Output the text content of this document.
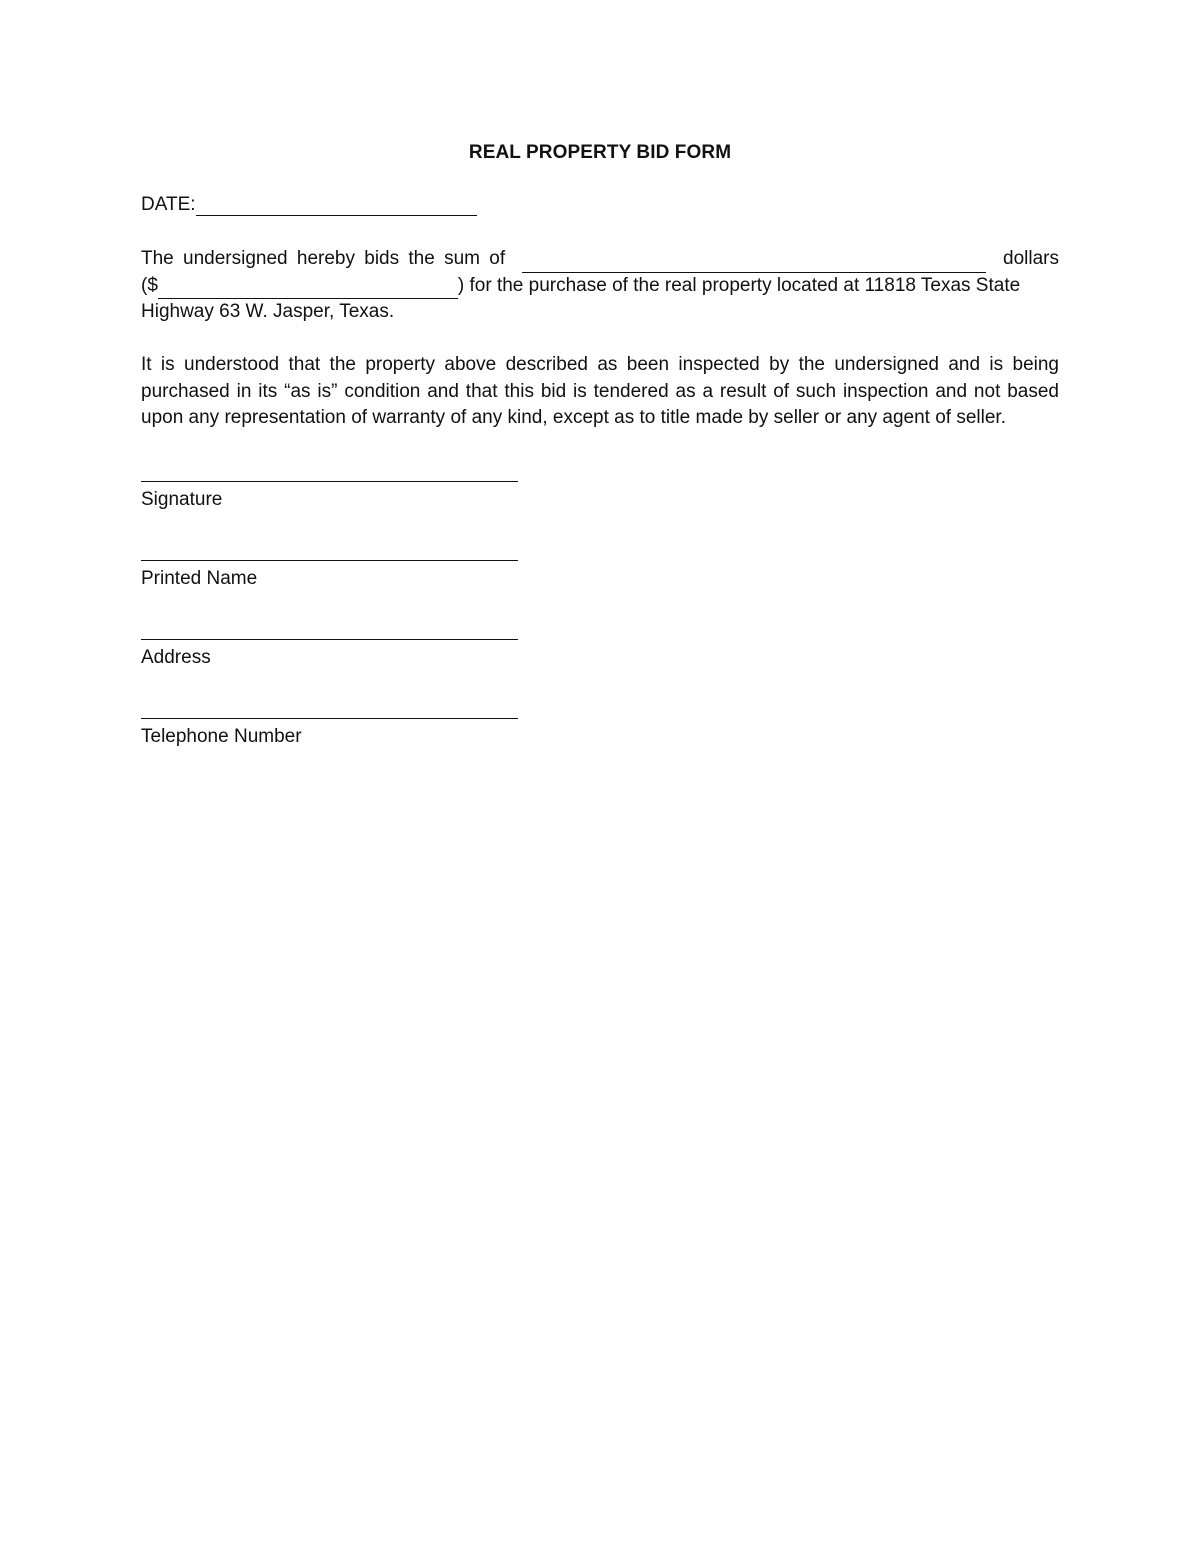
REAL PROPERTY BID FORM
DATE:
The undersigned hereby bids the sum of	dollars
($	) for the purchase of the real property located at 11818 Texas State
Highway 63 W. Jasper, Texas.
It is understood that the property above described as been inspected by the undersigned and is being purchased in its “as is” condition and that this bid is tendered as a result of such inspection and not based upon any representation of warranty of any kind, except as to title made by seller or any agent of seller.
Signature
Printed Name
Address
Telephone Number
